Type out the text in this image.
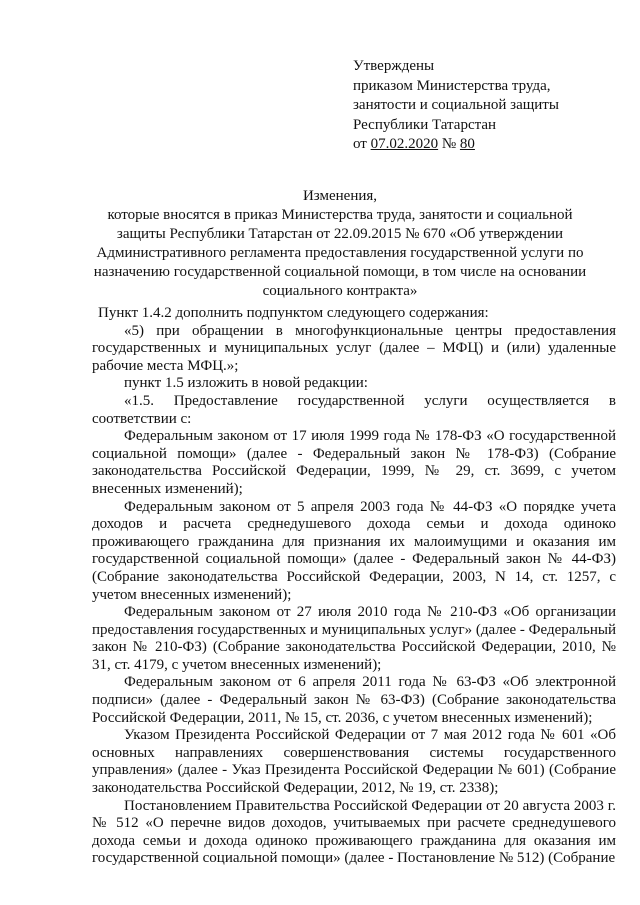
Утверждены
приказом Министерства труда,
занятости и социальной защиты
Республики Татарстан
от 07.02.2020 № 80
Изменения,
которые вносятся в приказ Министерства труда, занятости и социальной
защиты Республики Татарстан от 22.09.2015 № 670 «Об утверждении
Административного регламента предоставления государственной услуги по
назначению государственной социальной помощи, в том числе на основании
социального контракта»

Пункт 1.4.2 дополнить подпунктом следующего содержания:

«5) при обращении в многофункциональные центры предоставления государственных и муниципальных услуг (далее – МФЦ) и (или) удаленные рабочие места МФЦ.»;

пункт 1.5 изложить в новой редакции:

«1.5. Предоставление государственной услуги осуществляется в соответствии с:

Федеральным законом от 17 июля 1999 года № 178-ФЗ «О государственной социальной помощи» (далее - Федеральный закон № 178-ФЗ) (Собрание законодательства Российской Федерации, 1999, № 29, ст. 3699, с учетом внесенных изменений);

Федеральным законом от 5 апреля 2003 года № 44-ФЗ «О порядке учета доходов и расчета среднедушевого дохода семьи и дохода одиноко проживающего гражданина для признания их малоимущими и оказания им государственной социальной помощи» (далее - Федеральный закон № 44-ФЗ) (Собрание законодательства Российской Федерации, 2003, N 14, ст. 1257, с учетом внесенных изменений);

Федеральным законом от 27 июля 2010 года № 210-ФЗ «Об организации предоставления государственных и муниципальных услуг» (далее - Федеральный закон № 210-ФЗ) (Собрание законодательства Российской Федерации, 2010, № 31, ст. 4179, с учетом внесенных изменений);

Федеральным законом от 6 апреля 2011 года № 63-ФЗ «Об электронной подписи» (далее - Федеральный закон № 63-ФЗ) (Собрание законодательства Российской Федерации, 2011, № 15, ст. 2036, с учетом внесенных изменений);

Указом Президента Российской Федерации от 7 мая 2012 года № 601 «Об основных направлениях совершенствования системы государственного управления» (далее - Указ Президента Российской Федерации № 601) (Собрание законодательства Российской Федерации, 2012, № 19, ст. 2338);

Постановлением Правительства Российской Федерации от 20 августа 2003 г. № 512 «О перечне видов доходов, учитываемых при расчете среднедушевого дохода семьи и дохода одиноко проживающего гражданина для оказания им государственной социальной помощи» (далее - Постановление № 512) (Собрание
